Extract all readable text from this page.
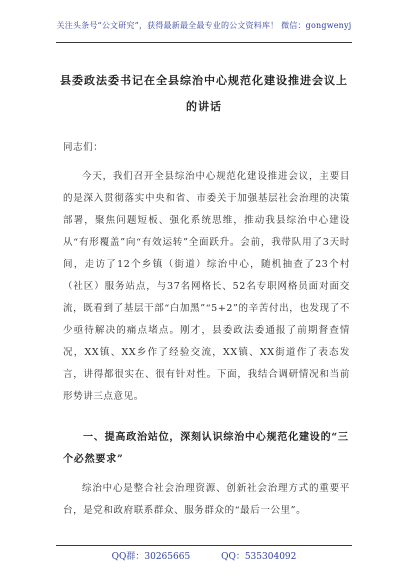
关注头条号“公文研究”，获得最新最全最专业的公文资料库！ 微信：gongwenyj
县委政法委书记在全县综治中心规范化建设推进会议上的讲话
同志们：
今天，我们召开全县综治中心规范化建设推进会议，主要目的是深入贯彻落实中央和省、市委关于加强基层社会治理的决策部署，聚焦问题短板、强化系统思维，推动我县综治中心建设从“有形覆盖”向“有效运转”全面跃升。会前，我带队用了3天时间，走访了12个乡镇（街道）综治中心，随机抽查了23个村（社区）服务站点，与37名网格长、52名专职网格员面对面交流，既看到了基层干部“白加黑”“5+2”的辛苦付出，也发现了不少亟待解决的痛点堵点。刚才，县委政法委通报了前期督查情况，XX镇、XX乡作了经验交流，XX镇、XX街道作了表态发言，讲得都很实在、很有针对性。下面，我结合调研情况和当前形势讲三点意见。
一、提高政治站位，深刻认识综治中心规范化建设的“三个必然要求”
综治中心是整合社会治理资源、创新社会治理方式的重要平台，是党和政府联系群众、服务群众的“最后一公里”。
QQ群：30265665	QQ：535304092
